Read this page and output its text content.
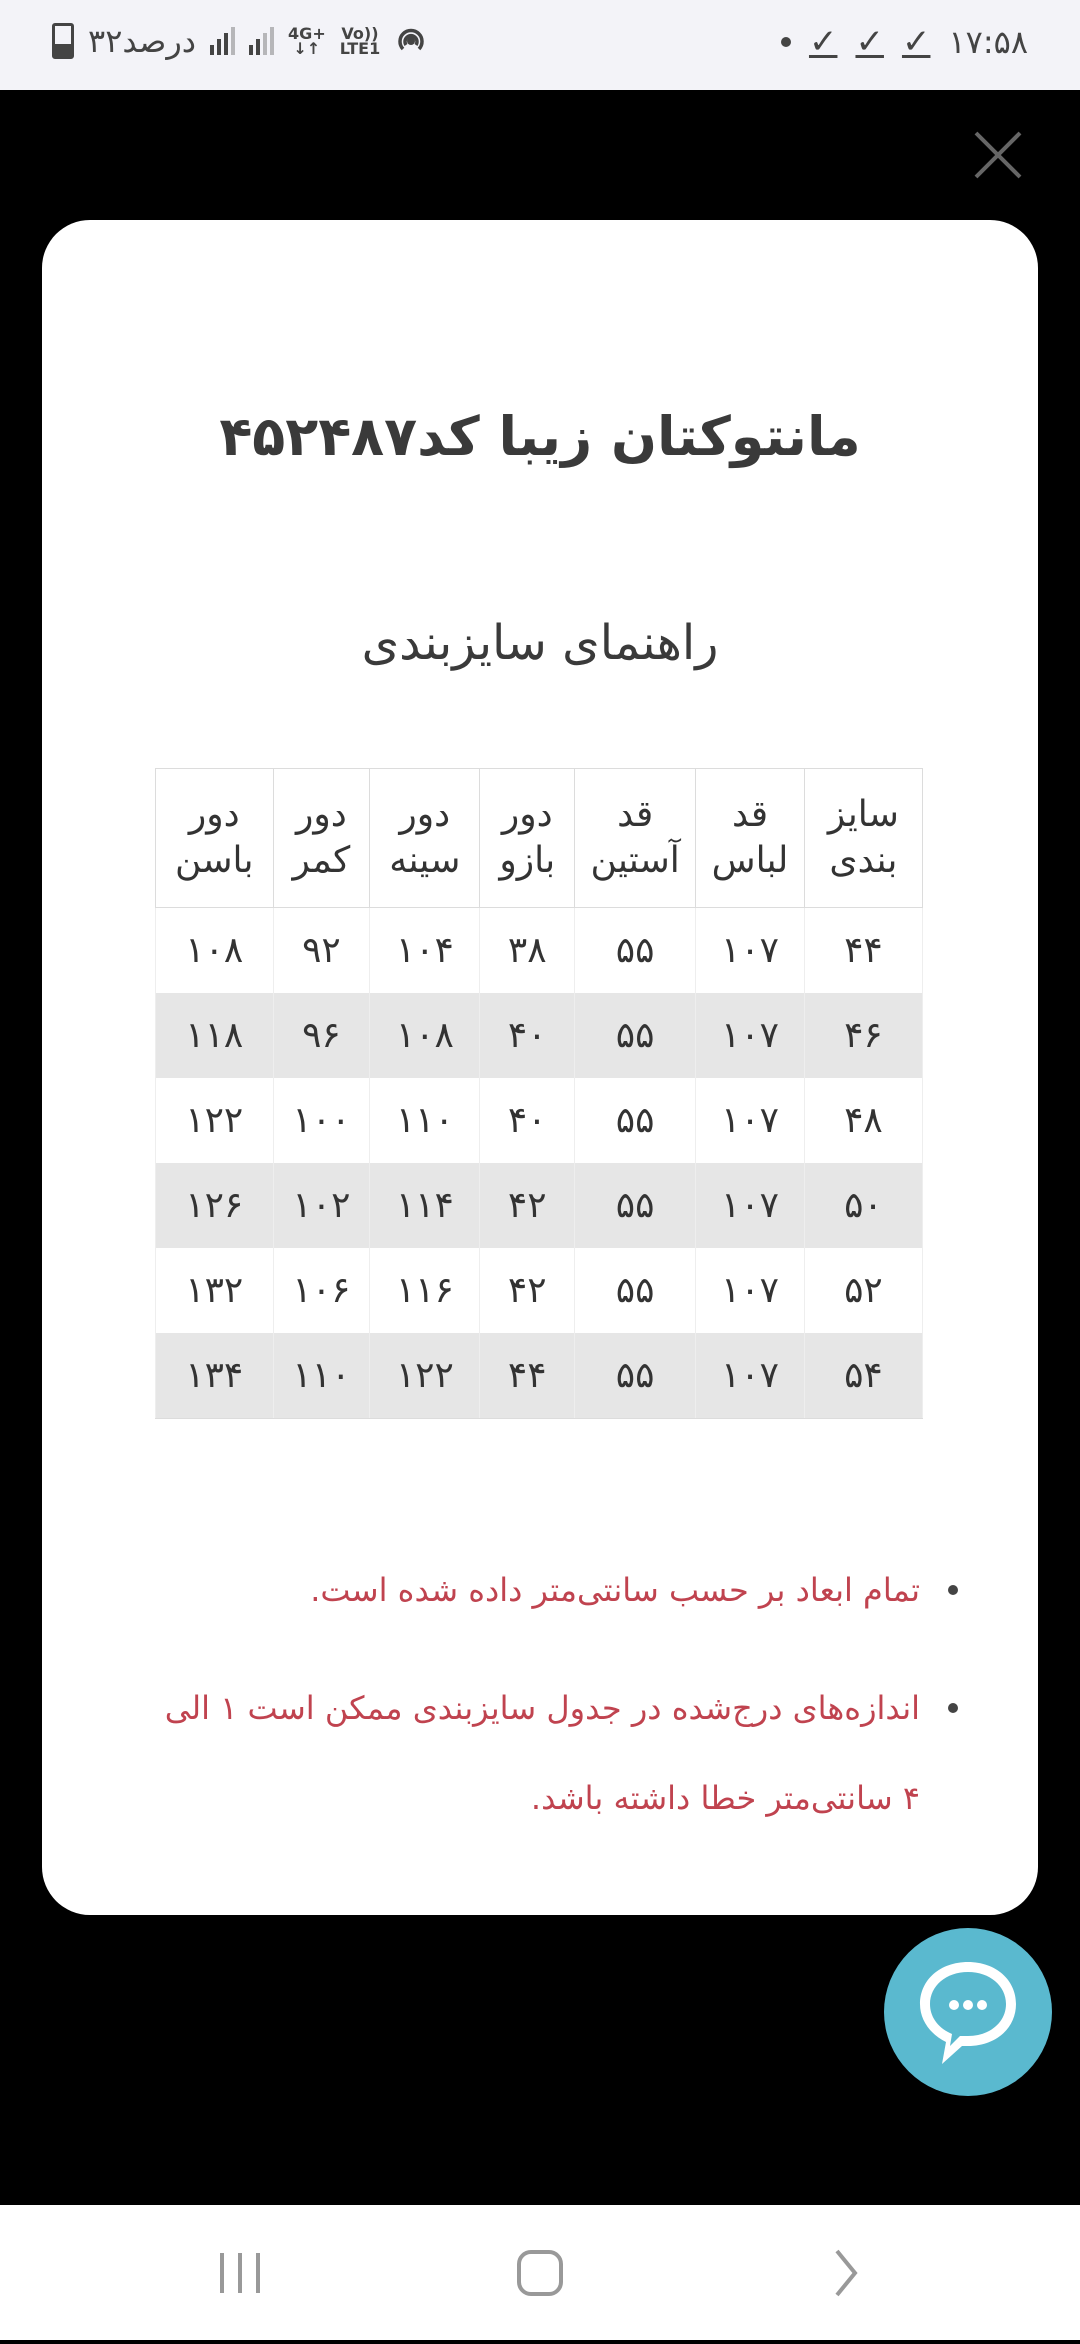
۳۲درصد	4G+
↓↑
Vo))
LTE1	✓ ✓ ✓ ۱۷:۵۸
مانتوکتان زیبا کد۴۵۲۴۸۷
راهنمای سایزبندی
سایز بندی	قد لباس	قد آستین	دور بازو	دور سینه	دور کمر	دور باسن
۴۴	۱۰۷	۵۵	۳۸	۱۰۴	۹۲	۱۰۸
۴۶	۱۰۷	۵۵	۴۰	۱۰۸	۹۶	۱۱۸
۴۸	۱۰۷	۵۵	۴۰	۱۱۰	۱۰۰	۱۲۲
۵۰	۱۰۷	۵۵	۴۲	۱۱۴	۱۰۲	۱۲۶
۵۲	۱۰۷	۵۵	۴۲	۱۱۶	۱۰۶	۱۳۲
۵۴	۱۰۷	۵۵	۴۴	۱۲۲	۱۱۰	۱۳۴
تمام ابعاد بر حسب سانتی‌متر داده شده است.
اندازه‌های درج‌شده در جدول سایزبندی ممکن است ۱ الی ۴ سانتی‌متر خطا داشته باشد.
